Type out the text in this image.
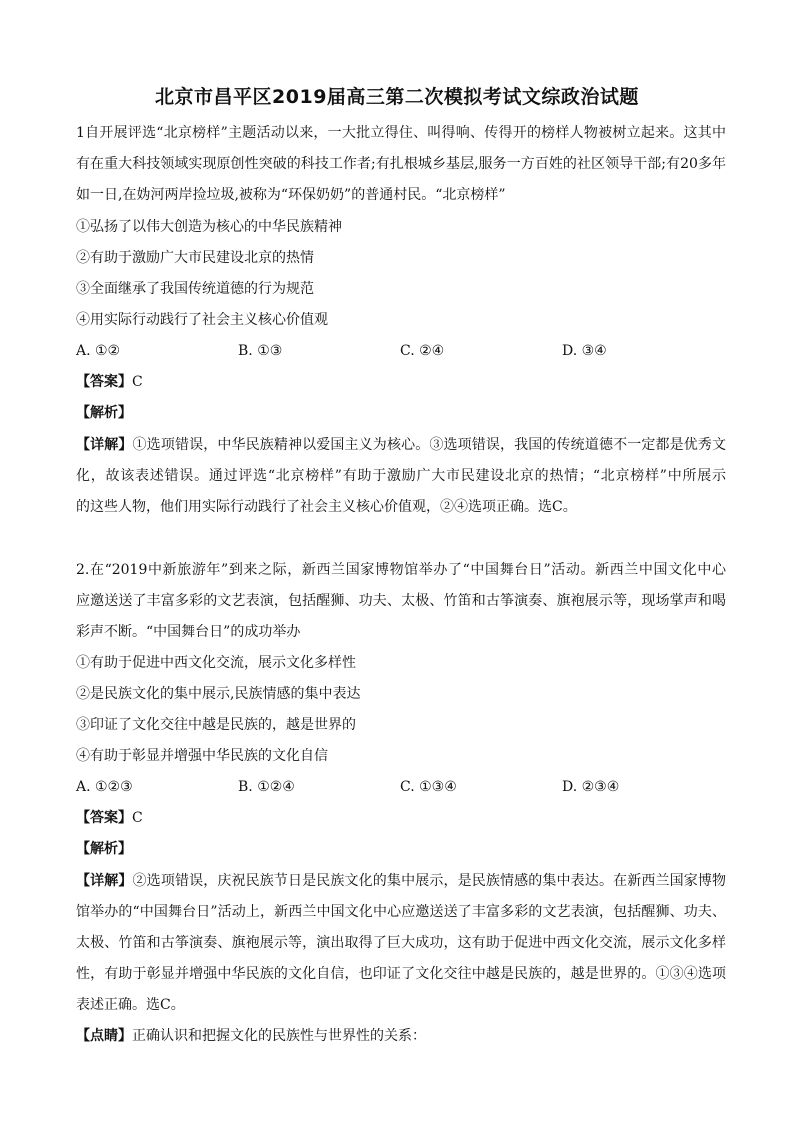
北京市昌平区2019届高三第二次模拟考试文综政治试题
1自开展评选“北京榜样”主题活动以来，一大批立得住、叫得响、传得开的榜样人物被树立起来。这其中
有在重大科技领域实现原创性突破的科技工作者;有扎根城乡基层,服务一方百姓的社区领导干部;有20多年
如一日,在妫河两岸捡垃圾,被称为“环保奶奶”的普通村民。“北京榜样”
①弘扬了以伟大创造为核心的中华民族精神
②有助于激励广大市民建设北京的热情
③全面继承了我国传统道德的行为规范
④用实际行动践行了社会主义核心价值观
A. ①②	B. ①③	C. ②④	D. ③④
【答案】C
【解析】
【详解】①选项错误，中华民族精神以爱国主义为核心。③选项错误，我国的传统道德不一定都是优秀文
化，故该表述错误。通过评选“北京榜样”有助于激励广大市民建设北京的热情；“北京榜样”中所展示
的这些人物，他们用实际行动践行了社会主义核心价值观，②④选项正确。选C。
2.在“2019中新旅游年”到来之际，新西兰国家博物馆举办了“中国舞台日”活动。新西兰中国文化中心
应邀送送了丰富多彩的文艺表演，包括醒狮、功夫、太极、竹笛和古筝演奏、旗袍展示等，现场掌声和喝
彩声不断。“中国舞台日”的成功举办
①有助于促进中西文化交流，展示文化多样性
②是民族文化的集中展示,民族情感的集中表达
③印证了文化交往中越是民族的，越是世界的
④有助于彰显并增强中华民族的文化自信
A. ①②③	B. ①②④	C. ①③④	D. ②③④
【答案】C
【解析】
【详解】②选项错误，庆祝民族节日是民族文化的集中展示，是民族情感的集中表达。在新西兰国家博物
馆举办的“中国舞台日”活动上，新西兰中国文化中心应邀送送了丰富多彩的文艺表演，包括醒狮、功夫、
太极、竹笛和古筝演奏、旗袍展示等，演出取得了巨大成功，这有助于促进中西文化交流，展示文化多样
性，有助于彰显并增强中华民族的文化自信，也印证了文化交往中越是民族的，越是世界的。①③④选项
表述正确。选C。
【点睛】正确认识和把握文化的民族性与世界性的关系：
